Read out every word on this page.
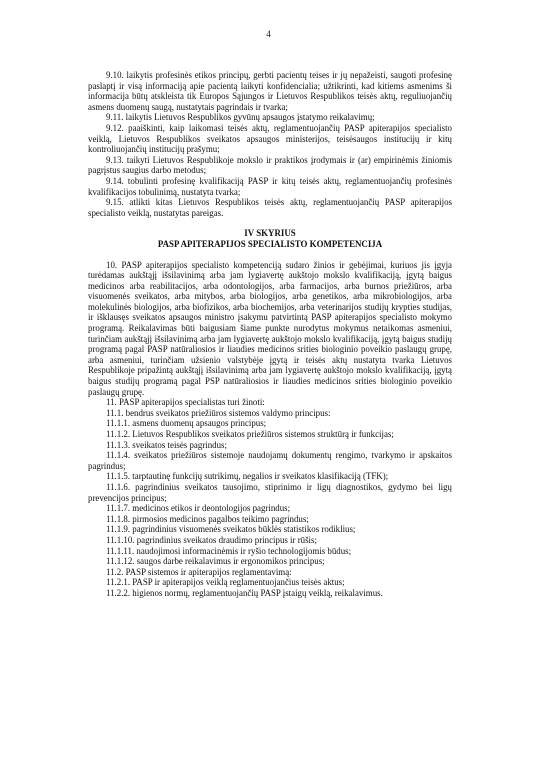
4

9.10. laikytis profesinės etikos principų, gerbti pacientų teises ir jų nepažeisti, saugoti profesinę paslaptį ir visą informaciją apie pacientą laikyti konfidencialia; užtikrinti, kad kitiems asmenims ši informacija būtų atskleista tik Europos Sąjungos ir Lietuvos Respublikos teisės aktų, reguliuojančių asmens duomenų saugą, nustatytais pagrindais ir tvarka;

9.11. laikytis Lietuvos Respublikos gyvūnų apsaugos įstatymo reikalavimų;

9.12. paaiškinti, kaip laikomasi teisės aktų, reglamentuojančių PASP apiterapijos specialisto veiklą, Lietuvos Respublikos sveikatos apsaugos ministerijos, teisėsaugos institucijų ir kitų kontroliuojančių institucijų prašymu;

9.13. taikyti Lietuvos Respublikoje mokslo ir praktikos įrodymais ir (ar) empirinėmis žiniomis pagrįstus saugius darbo metodus;

9.14. tobulinti profesinę kvalifikaciją PASP ir kitų teisės aktų, reglamentuojančių profesinės kvalifikacijos tobulinimą, nustatyta tvarka;

9.15. atlikti kitas Lietuvos Respublikos teisės aktų, reglamentuojančių PASP apiterapijos specialisto veiklą, nustatytas pareigas.

IV SKYRIUS

PASP APITERAPIJOS SPECIALISTO KOMPETENCIJA

10. PASP apiterapijos specialisto kompetenciją sudaro žinios ir gebėjimai, kuriuos jis įgyja turėdamas aukštąjį išsilavinimą arba jam lygiavertę aukštojo mokslo kvalifikaciją, įgytą baigus medicinos arba reabilitacijos, arba odontologijos, arba farmacijos, arba burnos priežiūros, arba visuomenės sveikatos, arba mitybos, arba biologijos, arba genetikos, arba mikrobiologijos, arba molekulinės biologijos, arba biofizikos, arba biochemijos, arba veterinarijos studijų krypties studijas, ir išklausęs sveikatos apsaugos ministro įsakymu patvirtintą PASP apiterapijos specialisto mokymo programą. Reikalavimas būti baigusiam šiame punkte nurodytus mokymus netaikomas asmeniui, turinčiam aukštąjį išsilavinimą arba jam lygiavertę aukštojo mokslo kvalifikaciją, įgytą baigus studijų programą pagal PASP natūraliosios ir liaudies medicinos srities biologinio poveikio paslaugų grupę, arba asmeniui, turinčiam užsienio valstybėje įgytą ir teisės aktų nustatyta tvarka Lietuvos Respublikoje pripažintą aukštąjį išsilavinimą arba jam lygiavertę aukštojo mokslo kvalifikaciją, įgytą baigus studijų programą pagal PSP natūraliosios ir liaudies medicinos srities biologinio poveikio paslaugų grupę.

11. PASP apiterapijos specialistas turi žinoti:

11.1. bendrus sveikatos priežiūros sistemos valdymo principus:

11.1.1. asmens duomenų apsaugos principus;

11.1.2. Lietuvos Respublikos sveikatos priežiūros sistemos struktūrą ir funkcijas;

11.1.3. sveikatos teisės pagrindus;

11.1.4. sveikatos priežiūros sistemoje naudojamų dokumentų rengimo, tvarkymo ir apskaitos pagrindus;

11.1.5. tarptautinę funkcijų sutrikimų, negalios ir sveikatos klasifikaciją (TFK);

11.1.6. pagrindinius sveikatos tausojimo, stiprinimo ir ligų diagnostikos, gydymo bei ligų prevencijos principus;

11.1.7. medicinos etikos ir deontologijos pagrindus;

11.1.8. pirmosios medicinos pagalbos teikimo pagrindus;

11.1.9. pagrindinius visuomenės sveikatos būklės statistikos rodiklius;

11.1.10. pagrindinius sveikatos draudimo principus ir rūšis;

11.1.11. naudojimosi informacinėmis ir ryšio technologijomis būdus;

11.1.12. saugos darbe reikalavimus ir ergonomikos principus;

11.2. PASP sistemos ir apiterapijos reglamentavimą:

11.2.1. PASP ir apiterapijos veiklą reglamentuojančius teisės aktus;

11.2.2. higienos normų, reglamentuojančių PASP įstaigų veiklą, reikalavimus.
